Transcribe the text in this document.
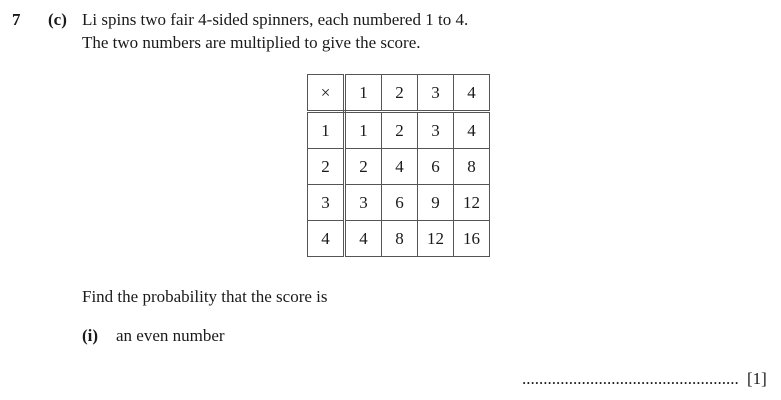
7 (c) Li spins two fair 4-sided spinners, each numbered 1 to 4.
The two numbers are multiplied to give the score.
×	1	2	3	4
1	1	2	3	4
2	2	4	6	8
3	3	6	9	12
4	4	8	12	16
Find the probability that the score is
(i) an even number
................................................... [1]
